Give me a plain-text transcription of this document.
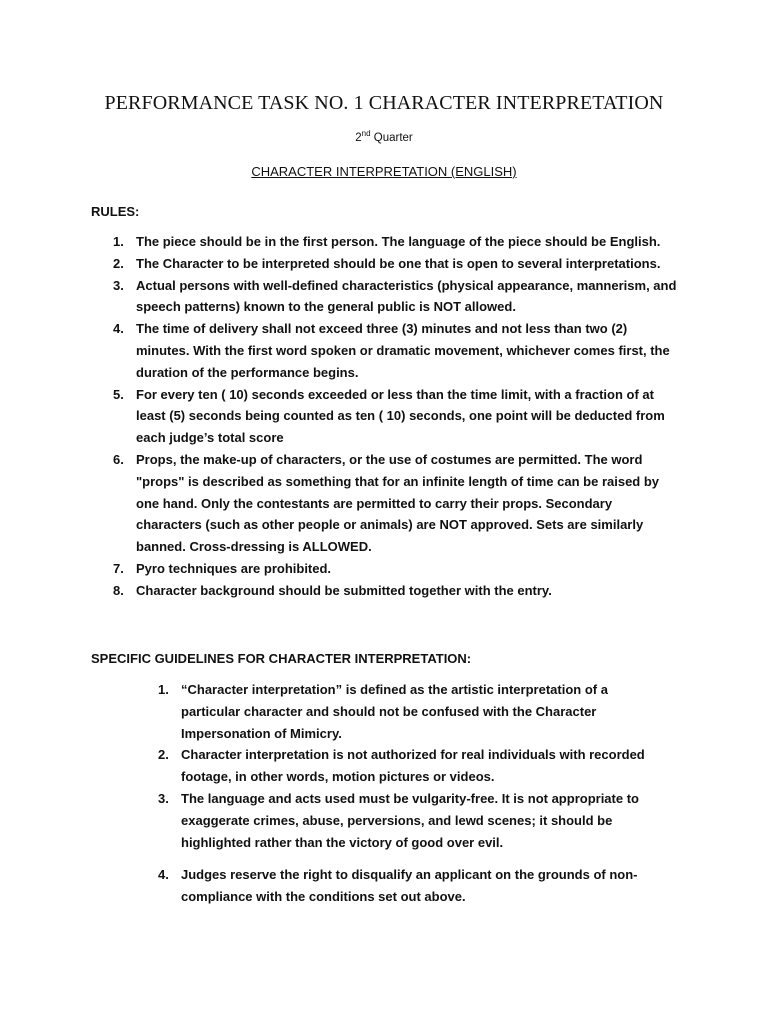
PERFORMANCE TASK NO. 1 CHARACTER INTERPRETATION
2nd Quarter
CHARACTER INTERPRETATION (ENGLISH)
RULES:
1. The piece should be in the first person. The language of the piece should be English.
2. The Character to be interpreted should be one that is open to several interpretations.
3. Actual persons with well-defined characteristics (physical appearance, mannerism, and speech patterns) known to the general public is NOT allowed.
4. The time of delivery shall not exceed three (3) minutes and not less than two (2) minutes. With the first word spoken or dramatic movement, whichever comes first, the duration of the performance begins.
5. For every ten ( 10) seconds exceeded or less than the time limit, with a fraction of at least (5) seconds being counted as ten ( 10) seconds, one point will be deducted from each judge’s total score
6. Props, the make-up of characters, or the use of costumes are permitted. The word "props" is described as something that for an infinite length of time can be raised by one hand. Only the contestants are permitted to carry their props. Secondary characters (such as other people or animals) are NOT approved. Sets are similarly banned. Cross-dressing is ALLOWED.
7. Pyro techniques are prohibited.
8. Character background should be submitted together with the entry.
SPECIFIC GUIDELINES FOR CHARACTER INTERPRETATION:
1. “Character interpretation” is defined as the artistic interpretation of a particular character and should not be confused with the Character Impersonation of Mimicry.
2. Character interpretation is not authorized for real individuals with recorded footage, in other words, motion pictures or videos.
3. The language and acts used must be vulgarity-free. It is not appropriate to exaggerate crimes, abuse, perversions, and lewd scenes; it should be highlighted rather than the victory of good over evil.
4. Judges reserve the right to disqualify an applicant on the grounds of non-compliance with the conditions set out above.
